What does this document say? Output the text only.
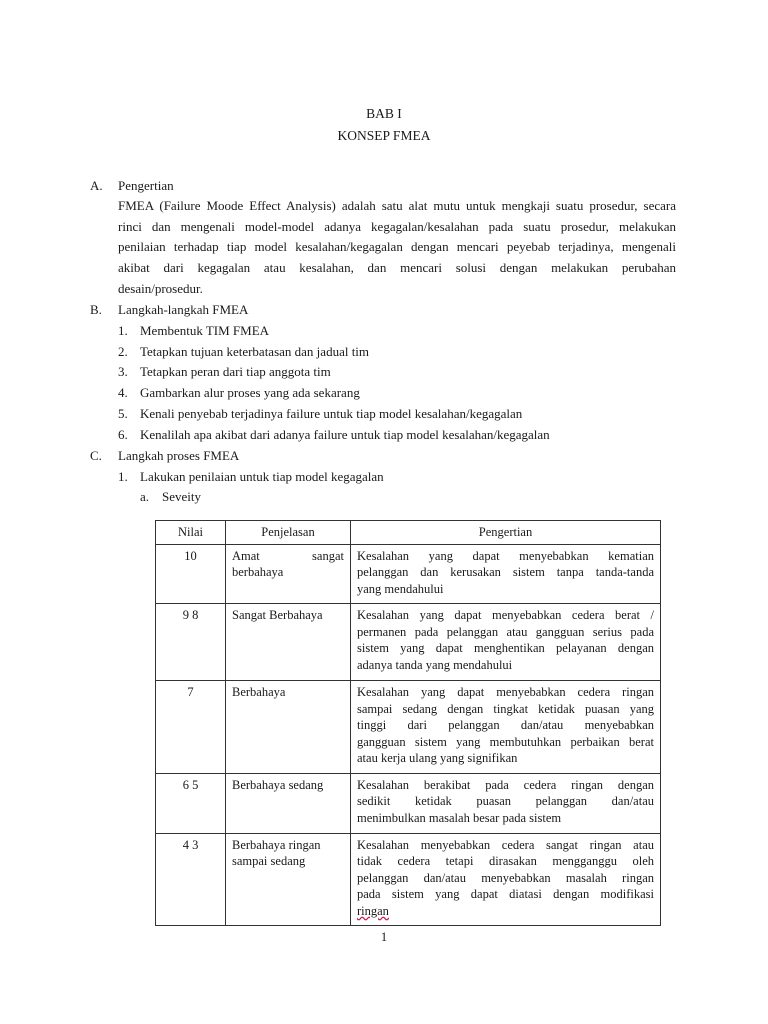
BAB I
KONSEP FMEA
A. Pengertian
FMEA (Failure Moode Effect Analysis) adalah satu alat mutu untuk mengkaji suatu prosedur, secara
rinci dan mengenali model-model adanya kegagalan/kesalahan pada suatu prosedur, melakukan
penilaian terhadap tiap model kesalahan/kegagalan dengan mencari peyebab terjadinya, mengenali
akibat dari kegagalan atau kesalahan, dan mencari solusi dengan melakukan perubahan
desain/prosedur.
B. Langkah-langkah FMEA
1. Membentuk TIM FMEA
2. Tetapkan tujuan keterbatasan dan jadual tim
3. Tetapkan peran dari tiap anggota tim
4. Gambarkan alur proses yang ada sekarang
5. Kenali penyebab terjadinya failure untuk tiap model kesalahan/kegagalan
6. Kenalilah apa akibat dari adanya failure untuk tiap model kesalahan/kegagalan
C. Langkah proses FMEA
1. Lakukan penilaian untuk tiap model kegagalan
a. Seveity
Nilai	Penjelasan	Pengertian
10	Amat sangat
berbahaya	Kesalahan yang dapat menyebabkan kematian
pelanggan dan kerusakan sistem tanpa tanda-tanda
yang mendahului

9 8	Sangat Berbahaya	Kesalahan yang dapat menyebabkan cedera berat /
permanen pada pelanggan atau gangguan serius pada
sistem yang dapat menghentikan pelayanan dengan
adanya tanda yang mendahului

7	Berbahaya	Kesalahan yang dapat menyebabkan cedera ringan
sampai sedang dengan tingkat ketidak puasan yang
tinggi dari pelanggan dan/atau menyebabkan
gangguan sistem yang membutuhkan perbaikan berat
atau kerja ulang yang signifikan

6 5	Berbahaya sedang	Kesalahan berakibat pada cedera ringan dengan
sedikit ketidak puasan pelanggan dan/atau
menimbulkan masalah besar pada sistem

4 3	Berbahaya ringan
sampai sedang	Kesalahan menyebabkan cedera sangat ringan atau
tidak cedera tetapi dirasakan mengganggu oleh
pelanggan dan/atau menyebabkan masalah ringan
pada sistem yang dapat diatasi dengan modifikasi
ringan
1
